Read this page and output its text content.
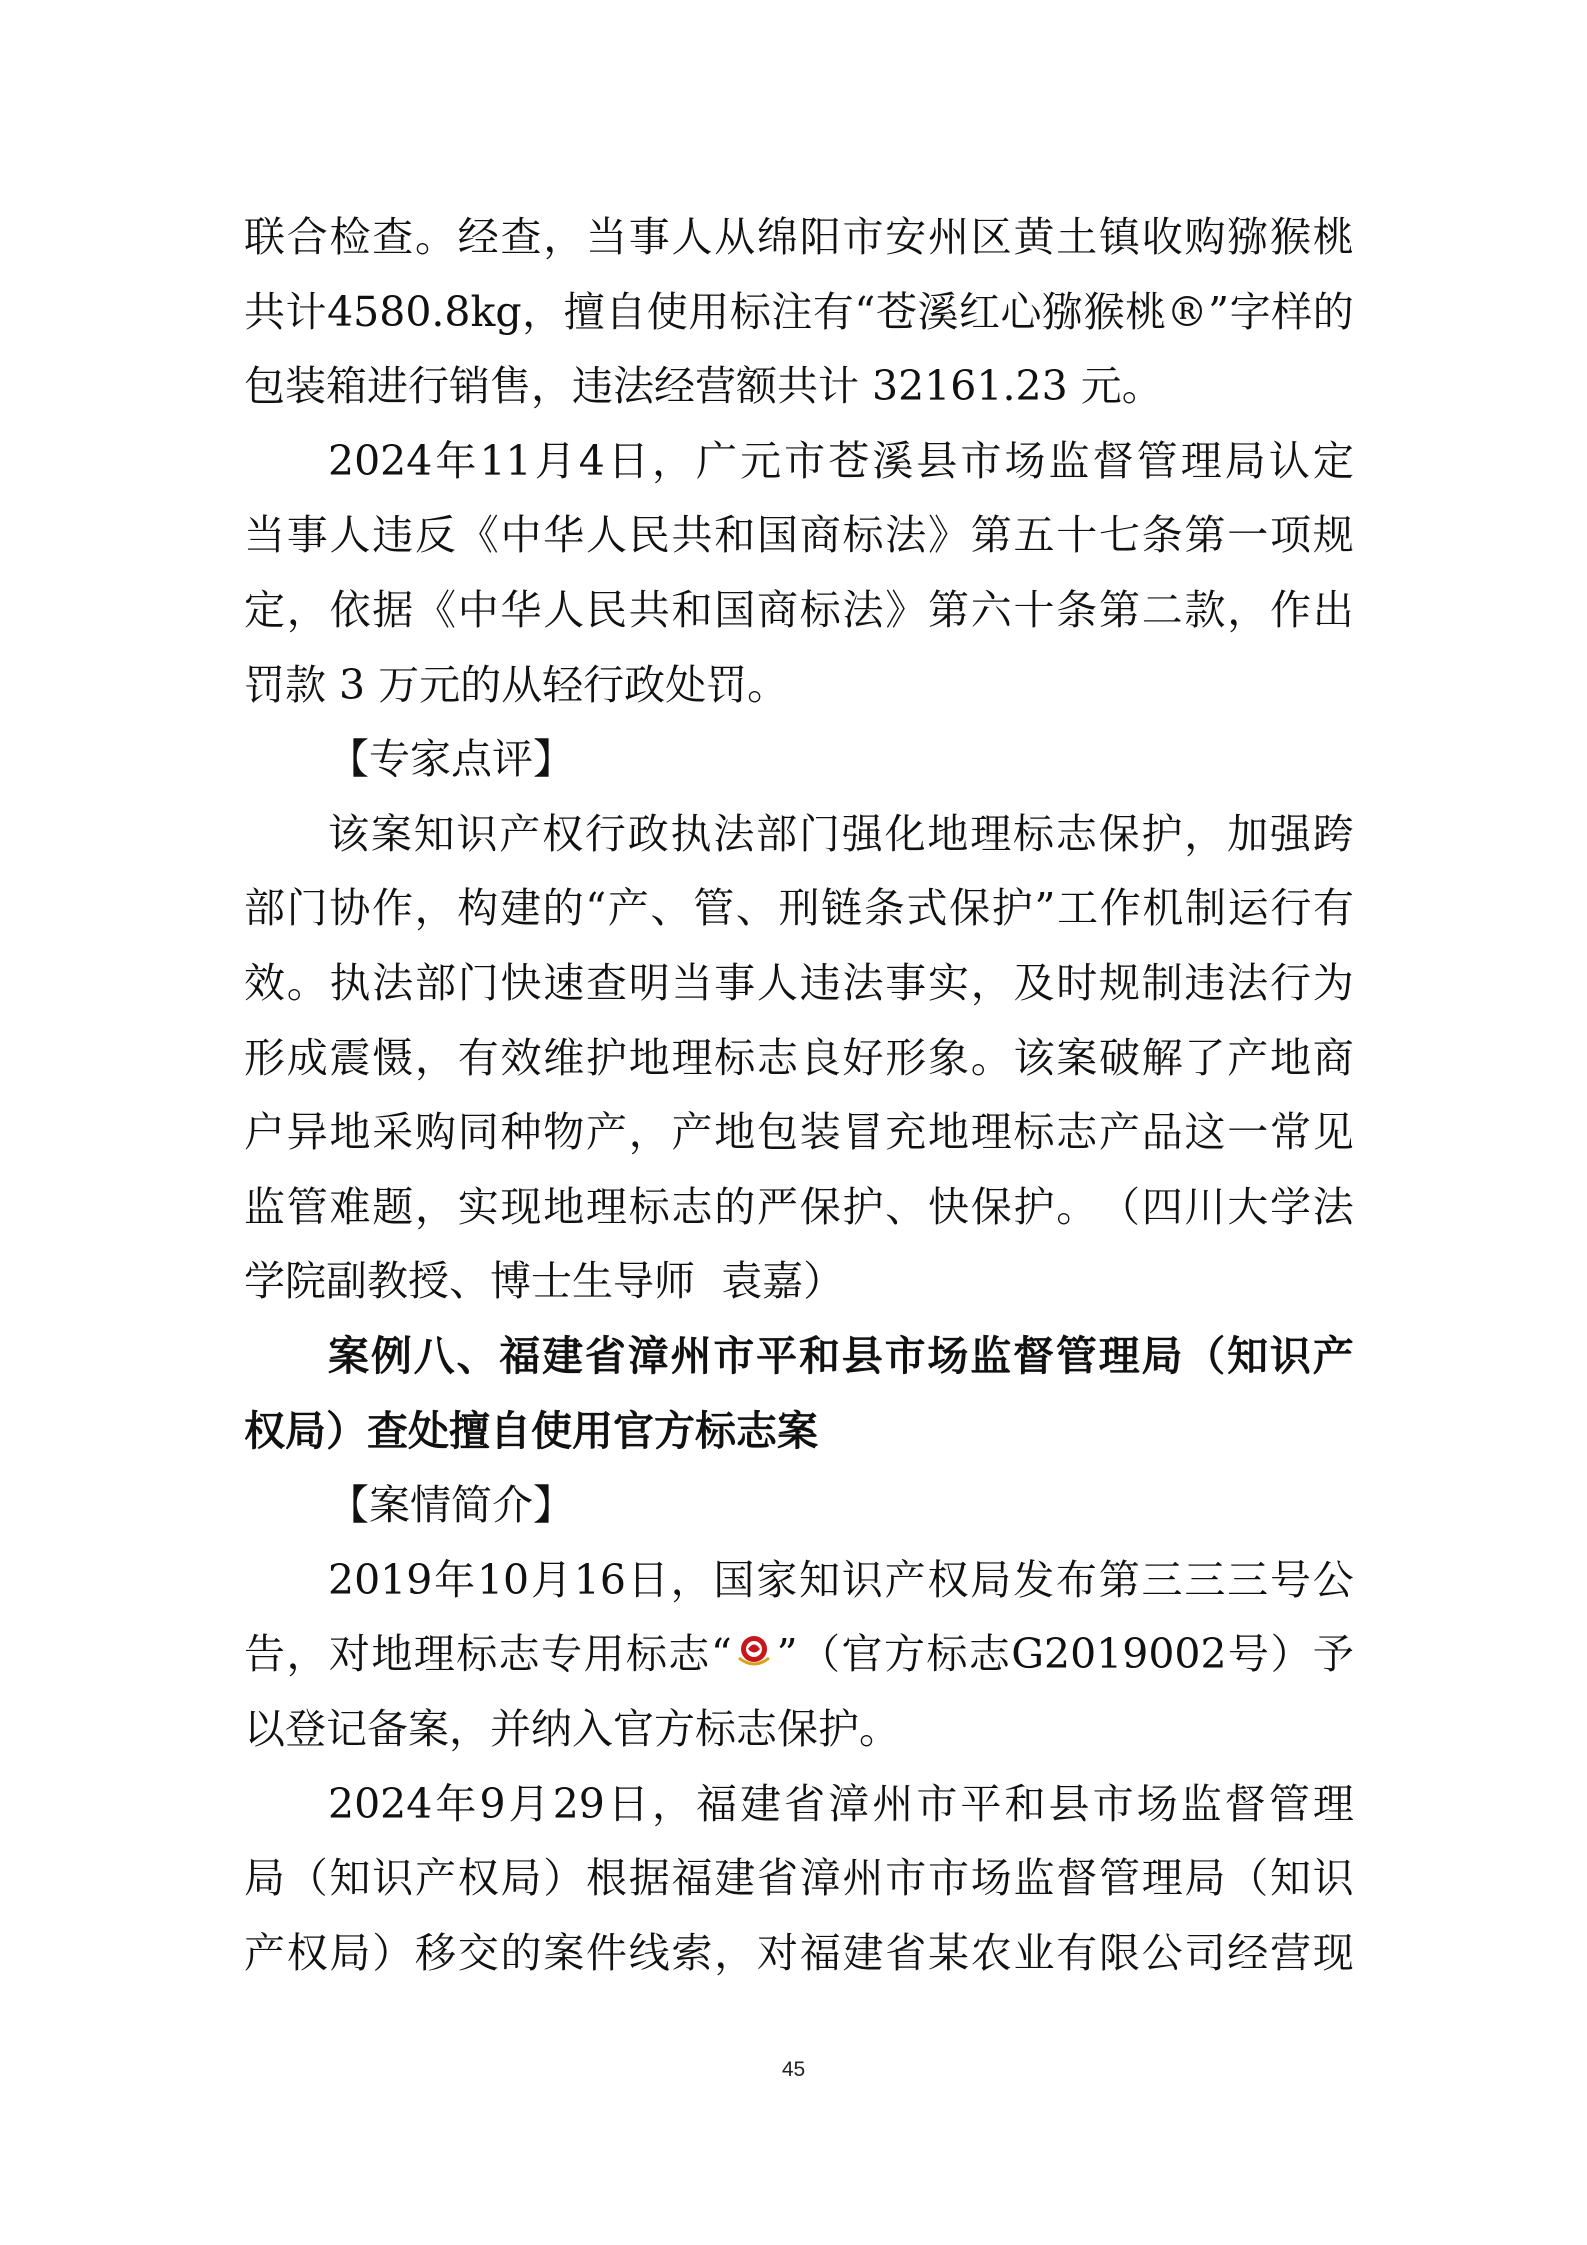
联 合 检 查 。 经 查 ， 当 事 人 从 绵 阳 市 安 州 区 黄 土 镇 收 购 猕 猴 桃
共 计 4580.8kg ， 擅 自 使 用 标 注 有 “ 苍 溪 红 心 猕 猴 桃 ® ” 字 样 的
包装箱进行销售，违法经营额共计 32161.23 元。
2024 年 11 月 4 日 ， 广 元 市 苍 溪 县 市 场 监 督 管 理 局 认 定
当 事 人 违 反 《 中 华 人 民 共 和 国 商 标 法 》 第 五 十 七 条 第 一 项 规
定 ， 依 据 《 中 华 人 民 共 和 国 商 标 法 》 第 六 十 条 第 二 款 ， 作 出
罚款 3 万元的从轻行政处罚。
【专家点评】
该 案 知 识 产 权 行 政 执 法 部 门 强 化 地 理 标 志 保 护 ， 加 强 跨
部 门 协 作 ， 构 建 的 “ 产 、 管 、 刑 链 条 式 保 护 ” 工 作 机 制 运 行 有
效 。 执 法 部 门 快 速 查 明 当 事 人 违 法 事 实 ， 及 时 规 制 违 法 行 为
形 成 震 慑 ， 有 效 维 护 地 理 标 志 良 好 形 象 。 该 案 破 解 了 产 地 商
户 异 地 采 购 同 种 物 产 ， 产 地 包 装 冒 充 地 理 标 志 产 品 这 一 常 见
监 管 难 题 ， 实 现 地 理 标 志 的 严 保 护 、 快 保 护 。 （ 四 川 大 学 法
学院副教授、博士生导师  袁嘉）
案 例 八 、 福 建 省 漳 州 市 平 和 县 市 场 监 督 管 理 局 （ 知 识 产
权局）查处擅自使用官方标志案
【案情简介】
2019 年 10 月 16 日 ， 国 家 知 识 产 权 局 发 布 第 三 三 三 号 公
告 ， 对 地 理 标 志 专 用 标 志 “ ” （ 官 方 标 志 G2019002 号 ） 予
以登记备案，并纳入官方标志保护。
2024 年 9 月 29 日 ， 福 建 省 漳 州 市 平 和 县 市 场 监 督 管 理
局 （ 知 识 产 权 局 ） 根 据 福 建 省 漳 州 市 市 场 监 督 管 理 局 （ 知 识
产 权 局 ） 移 交 的 案 件 线 索 ， 对 福 建 省 某 农 业 有 限 公 司 经 营 现
45
